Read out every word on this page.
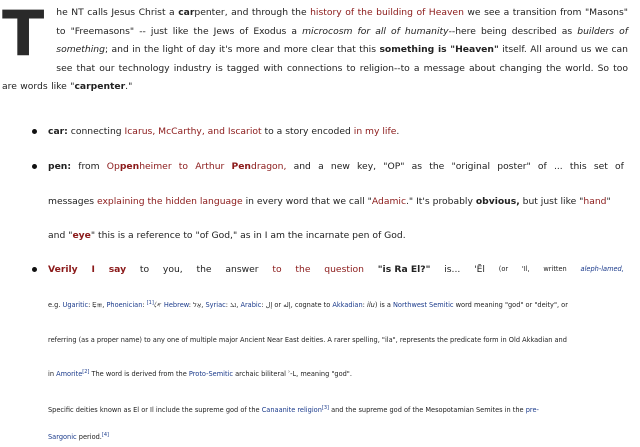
T he NT calls Jesus Christ a carpenter, and through the history of the building of Heaven we see a transition from "Masons" to "Freemasons" -- just like the Jews of Exodus a microcosm for all of humanity--here being described as builders of something; and in the light of day it's more and more clear that this something is "Heaven" itself. All around us we can see that our technology industry is tagged with connections to religion--to a message about changing the world. So too are words like "carpenter."
car: connecting Icarus, McCarthy, and Iscariot to a story encoded in my life.
pen: from Oppenheimer to Arthur Pendragon, and a new key, "OP" as the "original poster" of ... this set of
messages explaining the hidden language in every word that we call "Adamic." It's probably obvious, but just like "hand"
and "eye" this is a reference to "of God," as in I am the incarnate pen of God.
Verily I say to you, the answer to the question "is Ra El?" is... 'Ēl (or 'Il, written aleph-lamed,
e.g. Ugaritic: 𐎛𐎍, Phoenician: 𐤀𐤋[1] Hebrew: אֵל, Syriac: ܐܠ, Arabic: إل or إله, cognate to Akkadian: ilu) is a Northwest Semitic word meaning "god" or "deity", or
referring (as a proper name) to any one of multiple major Ancient Near East deities. A rarer spelling, "ila", represents the predicate form in Old Akkadian and
in Amorite[2] The word is derived from the Proto-Semitic archaic biliteral ʾ-L, meaning "god".
Specific deities known as El or Il include the supreme god of the Canaanite religion[3] and the supreme god of the Mesopotamian Semites in the pre-
Sargonic period.[4]
